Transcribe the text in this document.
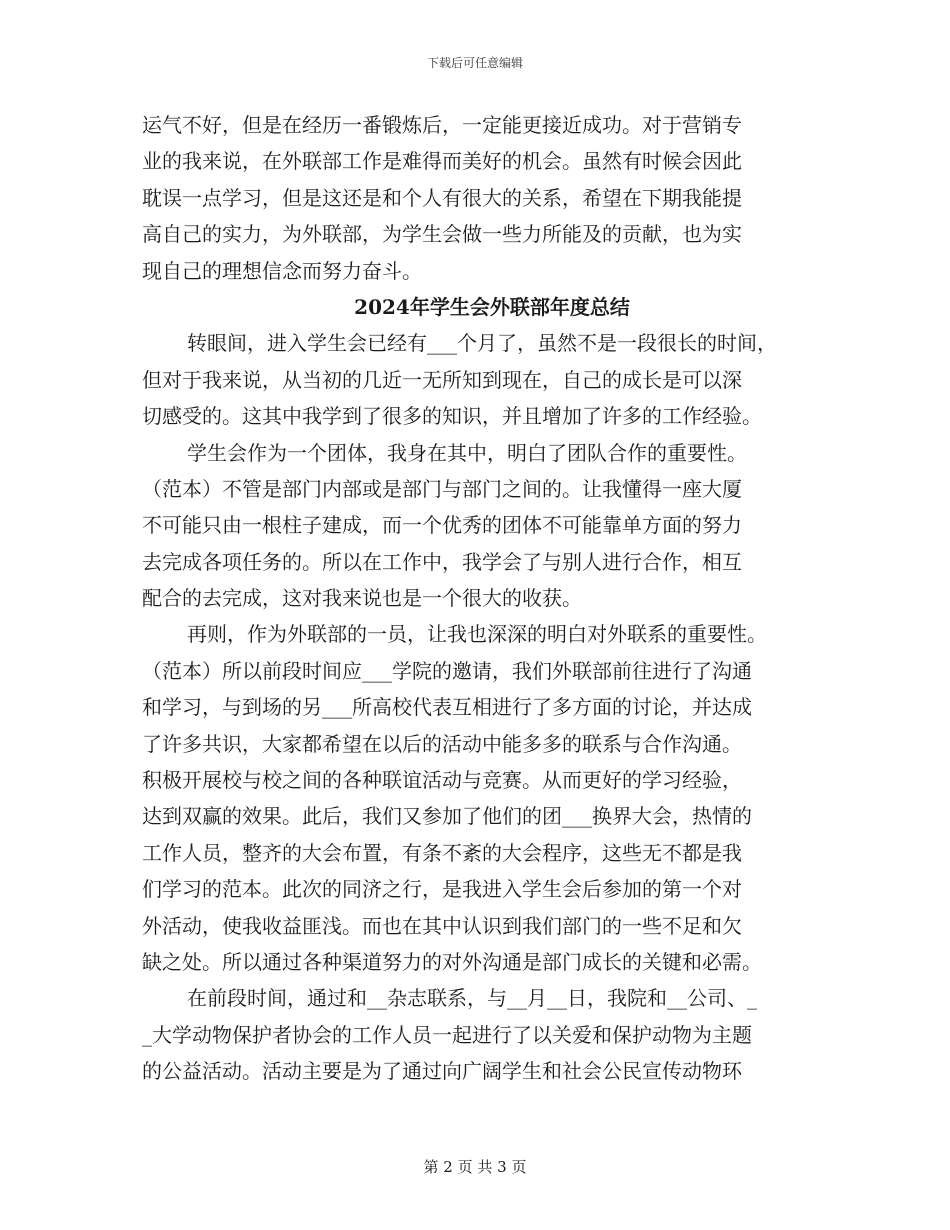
下载后可任意编辑
运气不好，但是在经历一番锻炼后，一定能更接近成功。对于营销专
业的我来说，在外联部工作是难得而美好的机会。虽然有时候会因此
耽误一点学习，但是这还是和个人有很大的关系，希望在下期我能提
高自己的实力，为外联部，为学生会做一些力所能及的贡献，也为实
现自己的理想信念而努力奋斗。
2024年学生会外联部年度总结
转眼间，进入学生会已经有___个月了，虽然不是一段很长的时间，
但对于我来说，从当初的几近一无所知到现在，自己的成长是可以深
切感受的。这其中我学到了很多的知识，并且增加了许多的工作经验。
学生会作为一个团体，我身在其中，明白了团队合作的重要性。
（范本）不管是部门内部或是部门与部门之间的。让我懂得一座大厦
不可能只由一根柱子建成，而一个优秀的团体不可能靠单方面的努力
去完成各项任务的。所以在工作中，我学会了与别人进行合作，相互
配合的去完成，这对我来说也是一个很大的收获。
再则，作为外联部的一员，让我也深深的明白对外联系的重要性。
（范本）所以前段时间应___学院的邀请，我们外联部前往进行了沟通
和学习，与到场的另___所高校代表互相进行了多方面的讨论，并达成
了许多共识，大家都希望在以后的活动中能多多的联系与合作沟通。
积极开展校与校之间的各种联谊活动与竞赛。从而更好的学习经验，
达到双赢的效果。此后，我们又参加了他们的团___换界大会，热情的
工作人员，整齐的大会布置，有条不紊的大会程序，这些无不都是我
们学习的范本。此次的同济之行，是我进入学生会后参加的第一个对
外活动，使我收益匪浅。而也在其中认识到我们部门的一些不足和欠
缺之处。所以通过各种渠道努力的对外沟通是部门成长的关键和必需。
在前段时间，通过和__杂志联系，与__月__日，我院和__公司、_
_大学动物保护者协会的工作人员一起进行了以关爱和保护动物为主题
的公益活动。活动主要是为了通过向广阔学生和社会公民宣传动物环
第 2 页 共 3 页
